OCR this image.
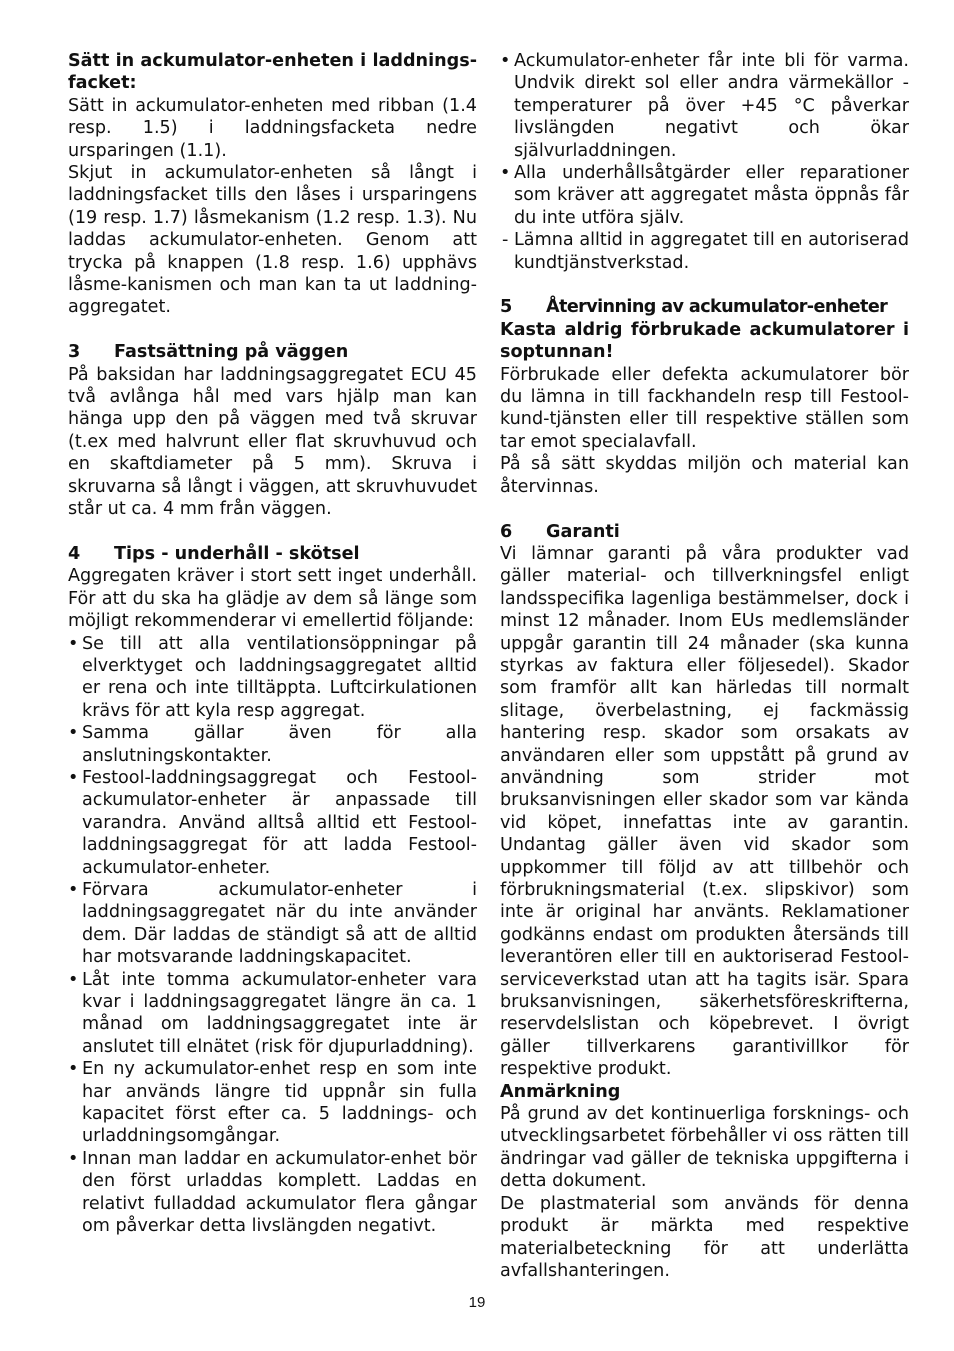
Sätt in ackumulator-enheten i laddnings-facket:

Sätt in ackumulator-enheten med ribban (1.4 resp. 1.5) i laddningsfacketa nedre ursparingen (1.1).

Skjut in ackumulator-enheten så långt i laddningsfacket tills den låses i ursparingens (19 resp. 1.7) låsmekanism (1.2 resp. 1.3). Nu laddas ackumulator-enheten. Genom att trycka på knappen (1.8 resp. 1.6) upphävs låsme-kanismen och man kan ta ut laddning-aggregatet.

3	Fastsättning på väggen

På baksidan har laddningsaggregatet ECU 45 två avlånga hål med vars hjälp man kan hänga upp den på väggen med två skruvar (t.ex med halvrunt eller flat skruvhuvud och en skaftdiameter på 5 mm). Skruva i skruvarna så långt i väggen, att skruvhuvudet står ut ca. 4 mm från väggen.

4	Tips - underhåll - skötsel

Aggregaten kräver i stort sett inget underhåll. För att du ska ha glädje av dem så länge som möjligt rekommenderar vi emellertid följande:

• Se till att alla ventilationsöppningar på elverktyget och laddningsaggregatet alltid er rena och inte tilltäppta. Luftcirkulationen krävs för att kyla resp aggregat.
• Samma gällar även för alla anslutningskontakter.
• Festool-laddningsaggregat och Festool-ackumulator-enheter är anpassade till varandra. Använd alltså alltid ett Festool-laddningsaggregat för att ladda Festool-ackumulator-enheter.
• Förvara ackumulator-enheter i laddningsaggregatet när du inte använder dem. Där laddas de ständigt så att de alltid har motsvarande laddningskapacitet.
• Låt inte tomma ackumulator-enheter vara kvar i laddningsaggregatet längre än ca. 1 månad om laddningsaggregatet inte är anslutet till elnätet (risk för djupurladdning).
• En ny ackumulator-enhet resp en som inte har används längre tid uppnår sin fulla kapacitet först efter ca. 5 laddnings- och urladdningsomgångar.
• Innan man laddar en ackumulator-enhet bör den först urladdas komplett. Laddas en relativt fulladdad ackumulator flera gångar om påverkar detta livslängden negativt.
• Ackumulator-enheter får inte bli för varma. Undvik direkt sol eller andra värmekällor - temperaturer på över +45 °C påverkar livslängden negativt och ökar självurladdningen.
• Alla underhållsåtgärder eller reparationer som kräver att aggregatet måsta öppnås får du inte utföra själv.
- Lämna alltid in aggregatet till en autoriserad kundtjänstverkstad.
5	Återvinning av ackumulator-enheter

Kasta aldrig förbrukade ackumulatorer i soptunnan!

Förbrukade eller defekta ackumulatorer bör du lämna in till fackhandeln resp till Festool-kund-tjänsten eller till respektive ställen som tar emot specialavfall.

På så sätt skyddas miljön och material kan återvinnas.

6	Garanti

Vi lämnar garanti på våra produkter vad gäller material- och tillverkningsfel enligt landsspecifika lagenliga bestämmelser, dock i minst 12 månader. Inom EUs medlemsländer uppgår garantin till 24 månader (ska kunna styrkas av faktura eller följesedel). Skador som framför allt kan härledas till normalt slitage, överbelastning, ej fackmässig hantering resp. skador som orsakats av användaren eller som uppstått på grund av användning som strider mot bruksanvisningen eller skador som var kända vid köpet, innefattas inte av garantin. Undantag gäller även vid skador som uppkommer till följd av att tillbehör och förbrukningsmaterial (t.ex. slipskivor) som inte är original har använts. Reklamationer godkänns endast om produkten återsänds till leverantören eller till en auktoriserad Festool-serviceverkstad utan att ha tagits isär. Spara bruksanvisningen, säkerhetsföreskrifterna, reservdelslistan och köpebrevet. I övrigt gäller tillverkarens garantivillkor för respektive produkt.

Anmärkning

På grund av det kontinuerliga forsknings- och utvecklingsarbetet förbehåller vi oss rätten till ändringar vad gäller de tekniska uppgifterna i detta dokument.

De plastmaterial som används för denna produkt är märkta med respektive materialbeteckning för att underlätta avfallshanteringen.

19
